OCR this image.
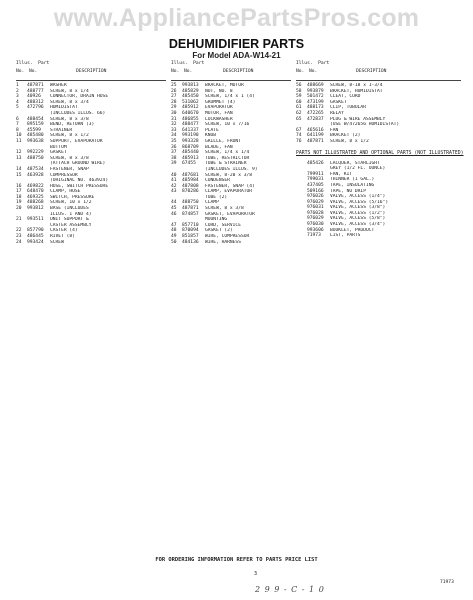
www.AppliancePartsPros.com
DEHUMIDIFIER PARTS
For Model ADA-W14-21
Illus. Part
No. No.	DESCRIPTION
1	487871	WASHER
2	488777	SCREW, 8 x 1/4
3	40926	CONNECTOR, DRAIN HOSE
4	488312	SCREW, 8 x 3/4
5	472796	HUMIDISTAT
(INCLUDES ILLUS. 66)
6	488454	SCREW, 8 x 3/8
7	895159	BEND, RETURN (3)
8	45599	STRAINER
10	485480	SCREW, 8 x 1/2
11	993638	SUPPORT, EVAPORATOR
BOTTOM
12	992229	GASKET
13	488750	SCREW, 8 x 3/8
(ATTACH GROUND WIRE)
14	487534	FASTENER, SNAP
15	463928	COMPRESSOR
(ORIGINAL NO. 463924)
16	469822	HOSE, SWITCH PRESSURE
17	648470	CLAMP, HOSE
18	469325	SWITCH, PRESSURE
19	488268	SCREW, 10 x 1/2
20	993812	BASE (INCLUDES
ILLUS. 1 AND 4)
21	993511	UNIT SUPPORT &
CASTER ASSEMBLY
22	857790	CASTER (4)
23	486445	RIVET (8)
24	993424	SCREW
Illus. Part
No. No.	DESCRIPTION
25	993813	BRACKET, MOTOR
26	485829	NUT, NO. 8
27	485450	SCREW, 1/4 x 1 (4)
28	531062	GROMMET (4)
29	485912	EVAPORATOR
30	640670	MOTOR, FAN
31	486855	LOCKWASHER
32	488477	SCREW, 10 x 7/16
33	641337	PLATE
34	993190	KNOB
35	993328	GRILLE, FRONT
36	868709	BLADE, FAN
37	485440	SCREW, 1/4 x 1/4
38	485913	TUBE, RESTRICTOR
39	67455	TUBE & STRAINER
(INCLUDES ILLUS. 9)
40	487681	SCREW, 8-20 x 3/8
41	485984	CONDENSER
42	487808	FASTENER, SNAP (4)
43	870286	CLAMP, EVAPORATOR
TUBE (2)
44	488750	CLAMP
45	487871	SCREW, 8 x 3/8
46	874857	GASKET, EVAPORATOR
MOUNTING
47	857710	CORD, SERVICE
48	870094	GASKET (2)
49	851857	WIRE, COMPRESSOR
50	484136	WIRE, HARNESS
Illus. Part
No. No.	DESCRIPTION
56	488669	SCREW, 8-18 x 1-3/4
58	993879	BRACKET, HUMIDISTAT
59	501472	CLEAT, CORD
60	473199	GASKET
61	488173	CLIP, TUBULAR
62	472265	RELAY
65	472837	PLUG & WIRE ASSEMBLY
(USE W/472656 HUMIDISTAT)
67	465616	FAN
74	641199	BRACKET (2)
76	487871	SCREW, 8 x 1/2
PARTS NOT ILLUSTRATED AND OPTIONAL PARTS (NOT ILLUSTRATED)
485426	LACQUER, STARLIGHT
GREY (1/2 FL. OUNCE)
799911	FAN, KIT
799031	THINNER (1 GAL.)
437405	TAPE, INSULATING
509166	TAPE, NO DRIP
976026	VALVE, ACCESS (1/4")
976029	VALVE, ACCESS (5/16")
976031	VALVE, ACCESS (3/8")
976028	VALVE, ACCESS (1/2")
976029	VALVE, ACCESS (5/8")
976030	VALVE, ACCESS (3/4")
993606	BOOKLET, PRODUCT
71973	LIST, PARTS
FOR ORDERING INFORMATION REFER TO PARTS PRICE LIST
3
71973
2 9 9 - C - 1 0
